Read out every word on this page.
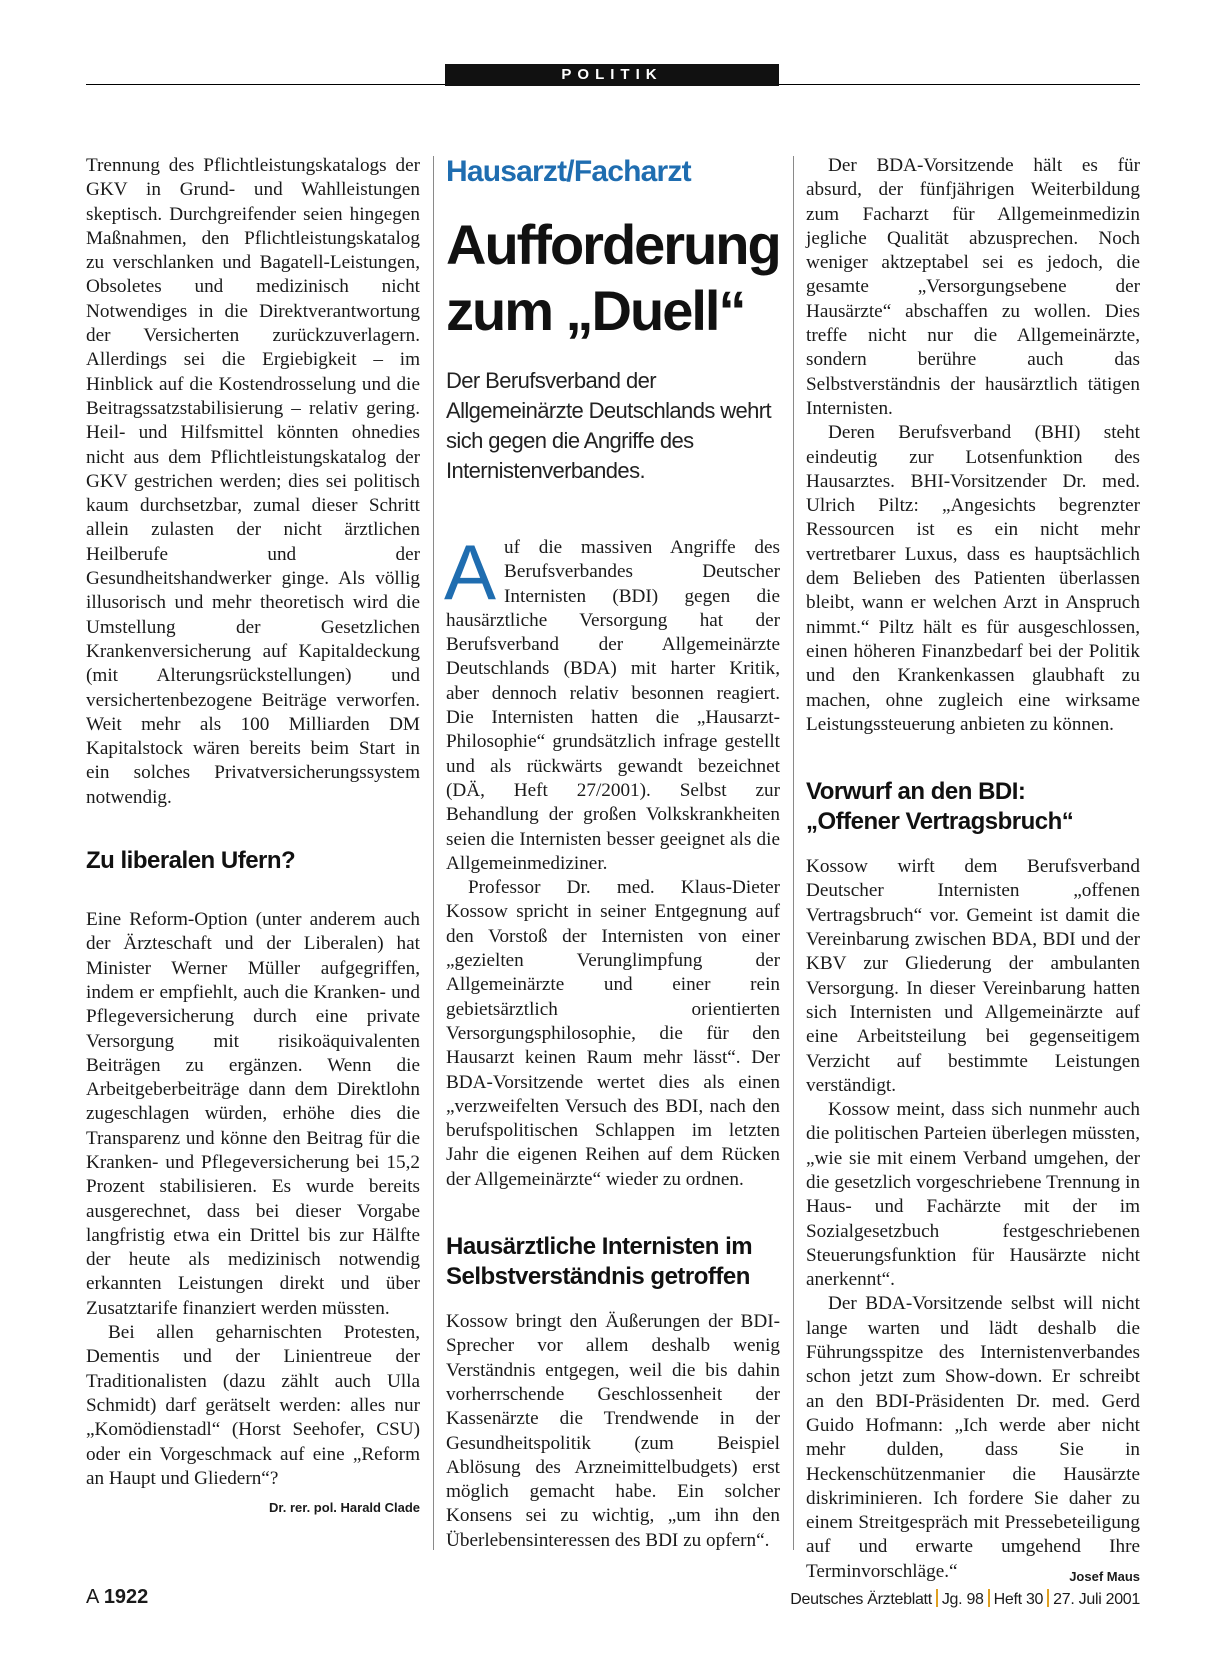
POLITIK

Trennung des Pflichtleistungskatalogs der GKV in Grund- und Wahlleistungen skeptisch. Durchgreifender seien hingegen Maßnahmen, den Pflichtleistungskatalog zu verschlanken und Bagatell-Leistungen, Obsoletes und medizinisch nicht Notwendiges in die Direktverantwortung der Versicherten zurückzuverlagern. Allerdings sei die Ergiebigkeit – im Hinblick auf die Kostendrosselung und die Beitragssatzstabilisierung – relativ gering. Heil- und Hilfsmittel könnten ohnedies nicht aus dem Pflichtleistungskatalog der GKV gestrichen werden; dies sei politisch kaum durchsetzbar, zumal dieser Schritt allein zulasten der nicht ärztlichen Heilberufe und der Gesundheitshandwerker ginge. Als völlig illusorisch und mehr theoretisch wird die Umstellung der Gesetzlichen Krankenversicherung auf Kapitaldeckung (mit Alterungsrückstellungen) und versichertenbezogene Beiträge verworfen. Weit mehr als 100 Milliarden DM Kapitalstock wären bereits beim Start in ein solches Privatversicherungssystem notwendig.

Zu liberalen Ufern?

Eine Reform-Option (unter anderem auch der Ärzteschaft und der Liberalen) hat Minister Werner Müller aufgegriffen, indem er empfiehlt, auch die Kranken- und Pflegeversicherung durch eine private Versorgung mit risikoäquivalenten Beiträgen zu ergänzen. Wenn die Arbeitgeberbeiträge dann dem Direktlohn zugeschlagen würden, erhöhe dies die Transparenz und könne den Beitrag für die Kranken- und Pflegeversicherung bei 15,2 Prozent stabilisieren. Es wurde bereits ausgerechnet, dass bei dieser Vorgabe langfristig etwa ein Drittel bis zur Hälfte der heute als medizinisch notwendig erkannten Leistungen direkt und über Zusatztarife finanziert werden müssten.

Bei allen geharnischten Protesten, Dementis und der Linientreue der Traditionalisten (dazu zählt auch Ulla Schmidt) darf gerätselt werden: alles nur „Komödienstadl“ (Horst Seehofer, CSU) oder ein Vorgeschmack auf eine „Reform an Haupt und Gliedern“?
Dr. rer. pol. Harald Clade

Hausarzt/Facharzt
Aufforderung
zum „Duell“
Der Berufsverband der Allgemeinärzte Deutschlands wehrt sich gegen die Angriffe des Internistenverbandes.

Auf die massiven Angriffe des Berufsverbandes Deutscher Internisten (BDI) gegen die hausärztliche Versorgung hat der Berufsverband der Allgemeinärzte Deutschlands (BDA) mit harter Kritik, aber dennoch relativ besonnen reagiert. Die Internisten hatten die „Hausarzt-Philosophie“ grundsätzlich infrage gestellt und als rückwärts gewandt bezeichnet (DÄ, Heft 27/2001). Selbst zur Behandlung der großen Volkskrankheiten seien die Internisten besser geeignet als die Allgemeinmediziner.

Professor Dr. med. Klaus-Dieter Kossow spricht in seiner Entgegnung auf den Vorstoß der Internisten von einer „gezielten Verunglimpfung der Allgemeinärzte und einer rein gebietsärztlich orientierten Versorgungsphilosophie, die für den Hausarzt keinen Raum mehr lässt“. Der BDA-Vorsitzende wertet dies als einen „verzweifelten Versuch des BDI, nach den berufspolitischen Schlappen im letzten Jahr die eigenen Reihen auf dem Rücken der Allgemeinärzte“ wieder zu ordnen.

Hausärztliche Internisten im Selbstverständnis getroffen

Kossow bringt den Äußerungen der BDI-Sprecher vor allem deshalb wenig Verständnis entgegen, weil die bis dahin vorherrschende Geschlossenheit der Kassenärzte die Trendwende in der Gesundheitspolitik (zum Beispiel Ablösung des Arzneimittelbudgets) erst möglich gemacht habe. Ein solcher Konsens sei zu wichtig, „um ihn den Überlebensinteressen des BDI zu opfern“.

Der BDA-Vorsitzende hält es für absurd, der fünfjährigen Weiterbildung zum Facharzt für Allgemeinmedizin jegliche Qualität abzusprechen. Noch weniger aktzeptabel sei es jedoch, die gesamte „Versorgungsebene der Hausärzte“ abschaffen zu wollen. Dies treffe nicht nur die Allgemeinärzte, sondern berühre auch das Selbstverständnis der hausärztlich tätigen Internisten.

Deren Berufsverband (BHI) steht eindeutig zur Lotsenfunktion des Hausarztes. BHI-Vorsitzender Dr. med. Ulrich Piltz: „Angesichts begrenzter Ressourcen ist es ein nicht mehr vertretbarer Luxus, dass es hauptsächlich dem Belieben des Patienten überlassen bleibt, wann er welchen Arzt in Anspruch nimmt.“ Piltz hält es für ausgeschlossen, einen höheren Finanzbedarf bei der Politik und den Krankenkassen glaubhaft zu machen, ohne zugleich eine wirksame Leistungssteuerung anbieten zu können.

Vorwurf an den BDI:
„Offener Vertragsbruch“

Kossow wirft dem Berufsverband Deutscher Internisten „offenen Vertragsbruch“ vor. Gemeint ist damit die Vereinbarung zwischen BDA, BDI und der KBV zur Gliederung der ambulanten Versorgung. In dieser Vereinbarung hatten sich Internisten und Allgemeinärzte auf eine Arbeitsteilung bei gegenseitigem Verzicht auf bestimmte Leistungen verständigt.

Kossow meint, dass sich nunmehr auch die politischen Parteien überlegen müssten, „wie sie mit einem Verband umgehen, der die gesetzlich vorgeschriebene Trennung in Haus- und Fachärzte mit der im Sozialgesetzbuch festgeschriebenen Steuerungsfunktion für Hausärzte nicht anerkennt“.

Der BDA-Vorsitzende selbst will nicht lange warten und lädt deshalb die Führungsspitze des Internistenverbandes schon jetzt zum Show-down. Er schreibt an den BDI-Präsidenten Dr. med. Gerd Guido Hofmann: „Ich werde aber nicht mehr dulden, dass Sie in Heckenschützenmanier die Hausärzte diskriminieren. Ich fordere Sie daher zu einem Streitgespräch mit Pressebeteiligung auf und erwarte umgehend Ihre Terminvorschläge.“	Josef Maus

A 1922	Deutsches Ärzteblatt Jg. 98 Heft 30 27. Juli 2001
